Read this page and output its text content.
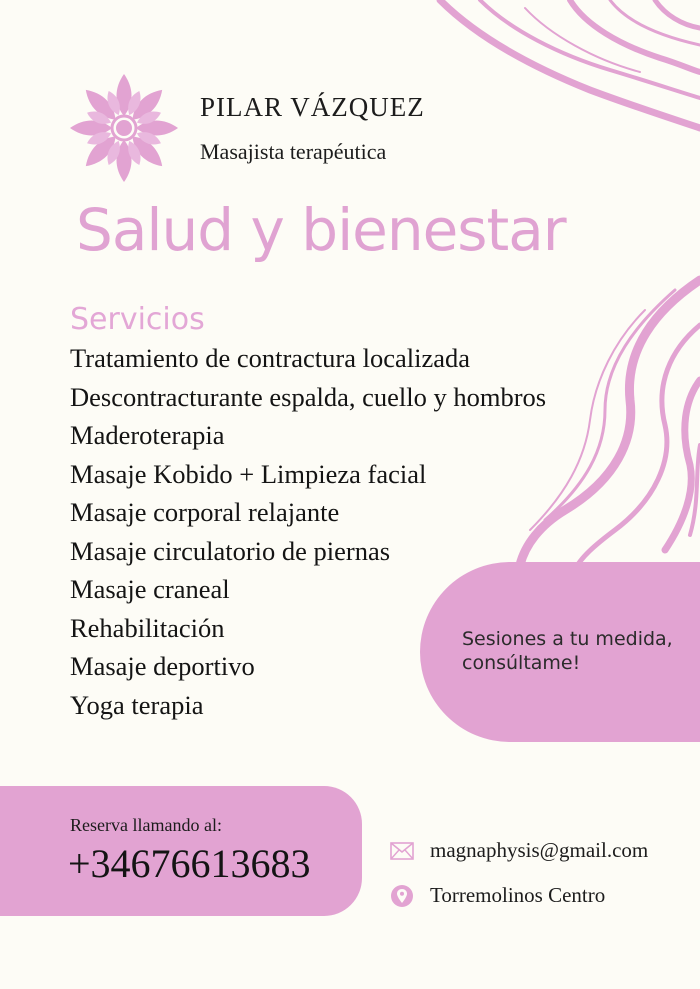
PILAR VÁZQUEZ
Masajista terapéutica
Salud y bienestar
Servicios
Tratamiento de contractura localizada
Descontracturante espalda, cuello y hombros
Maderoterapia
Masaje Kobido + Limpieza facial
Masaje corporal relajante
Masaje circulatorio de piernas
Masaje craneal
Rehabilitación
Masaje deportivo
Yoga terapia
Sesiones a tu medida,
consúltame!
Reserva llamando al:
+34676613683	magnaphysis@gmail.com
Torremolinos Centro
